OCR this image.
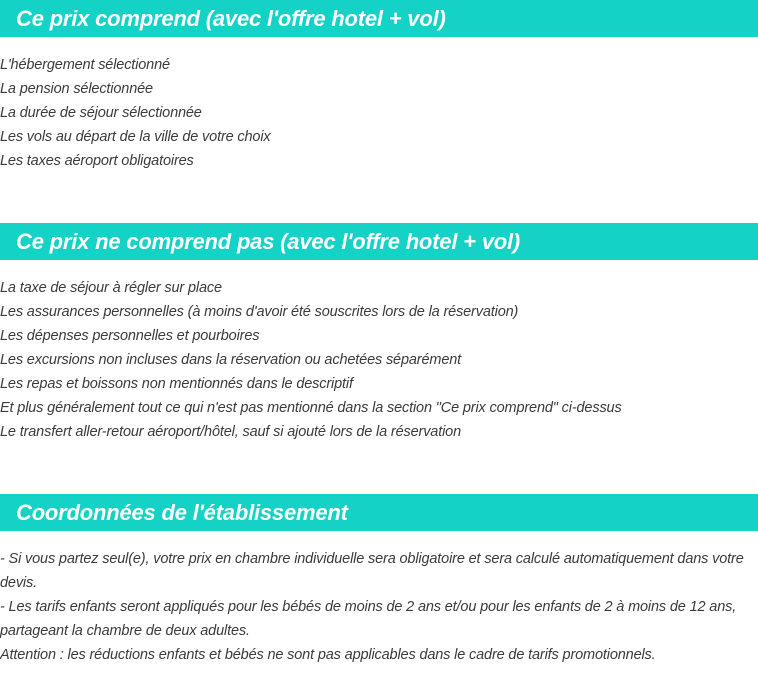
Ce prix comprend (avec l'offre hotel + vol)
L'hébergement sélectionné
La pension sélectionnée
La durée de séjour sélectionnée
Les vols au départ de la ville de votre choix
Les taxes aéroport obligatoires
Ce prix ne comprend pas (avec l'offre hotel + vol)
La taxe de séjour à régler sur place
Les assurances personnelles (à moins d'avoir été souscrites lors de la réservation)
Les dépenses personnelles et pourboires
Les excursions non incluses dans la réservation ou achetées séparément
Les repas et boissons non mentionnés dans le descriptif
Et plus généralement tout ce qui n'est pas mentionné dans la section "Ce prix comprend" ci-dessus
Le transfert aller-retour aéroport/hôtel, sauf si ajouté lors de la réservation
Coordonnées de l'établissement

- Si vous partez seul(e), votre prix en chambre individuelle sera obligatoire et sera calculé automatiquement dans votre devis.

- Les tarifs enfants seront appliqués pour les bébés de moins de 2 ans et/ou pour les enfants de 2 à moins de 12 ans, partageant la chambre de deux adultes.

Attention : les réductions enfants et bébés ne sont pas applicables dans le cadre de tarifs promotionnels.
